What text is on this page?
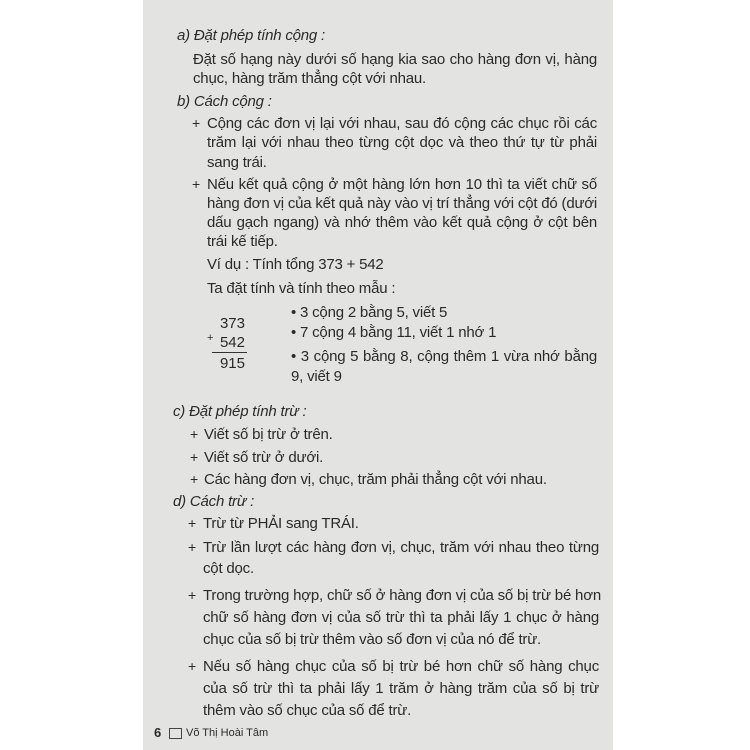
a) Đặt phép tính cộng :
Đặt số hạng này dưới số hạng kia sao cho hàng đơn vị, hàng
chục, hàng trăm thẳng cột với nhau.
b) Cách cộng :
+ Cộng các đơn vị lại với nhau, sau đó cộng các chục rồi các
trăm lại với nhau theo từng cột dọc và theo thứ tự từ phải
sang trái.
+ Nếu kết quả cộng ở một hàng lớn hơn 10 thì ta viết chữ số
hàng đơn vị của kết quả này vào vị trí thẳng với cột đó (dưới
dấu gạch ngang) và nhớ thêm vào kết quả cộng ở cột bên
trái kế tiếp.
Ví dụ : Tính tổng 373 + 542
Ta đặt tính và tính theo mẫu :
373
+ 542
915
• 3 cộng 2 bằng 5, viết 5
• 7 cộng 4 bằng 11, viết 1 nhớ 1
• 3 cộng 5 bằng 8, cộng thêm 1 vừa nhớ bằng
9, viết 9
c) Đặt phép tính trừ :
+ Viết số bị trừ ở trên.
+ Viết số trừ ở dưới.
+ Các hàng đơn vị, chục, trăm phải thẳng cột với nhau.
d) Cách trừ :
+ Trừ từ PHẢI sang TRÁI.
+ Trừ lần lượt các hàng đơn vị, chục, trăm với nhau theo từng
cột dọc.
+ Trong trường hợp, chữ số ở hàng đơn vị của số bị trừ bé hơn
chữ số hàng đơn vị của số trừ thì ta phải lấy 1 chục ở hàng
chục của số bị trừ thêm vào số đơn vị của nó để trừ.
+ Nếu số hàng chục của số bị trừ bé hơn chữ số hàng chục
của số trừ thì ta phải lấy 1 trăm ở hàng trăm của số bị trừ
thêm vào số chục của số để trừ.
6 Võ Thị Hoài Tâm
